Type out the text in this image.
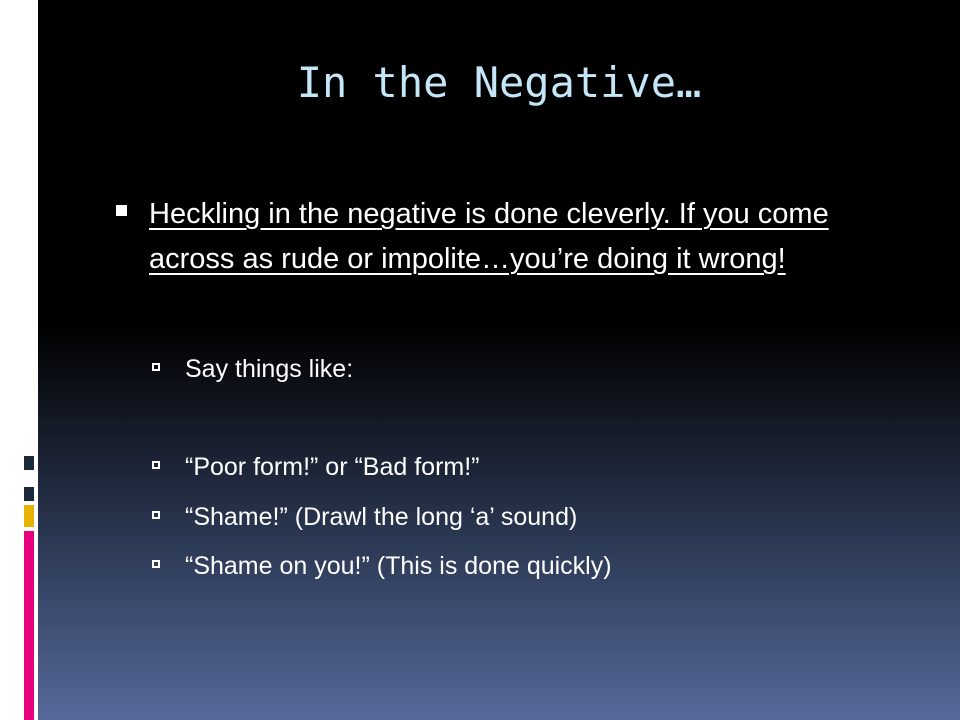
In the Negative…
Heckling in the negative is done cleverly. If you come across as rude or impolite…you’re doing it wrong!
Say things like:
“Poor form!” or “Bad form!”
“Shame!” (Drawl the long ‘a’ sound)
“Shame on you!” (This is done quickly)
